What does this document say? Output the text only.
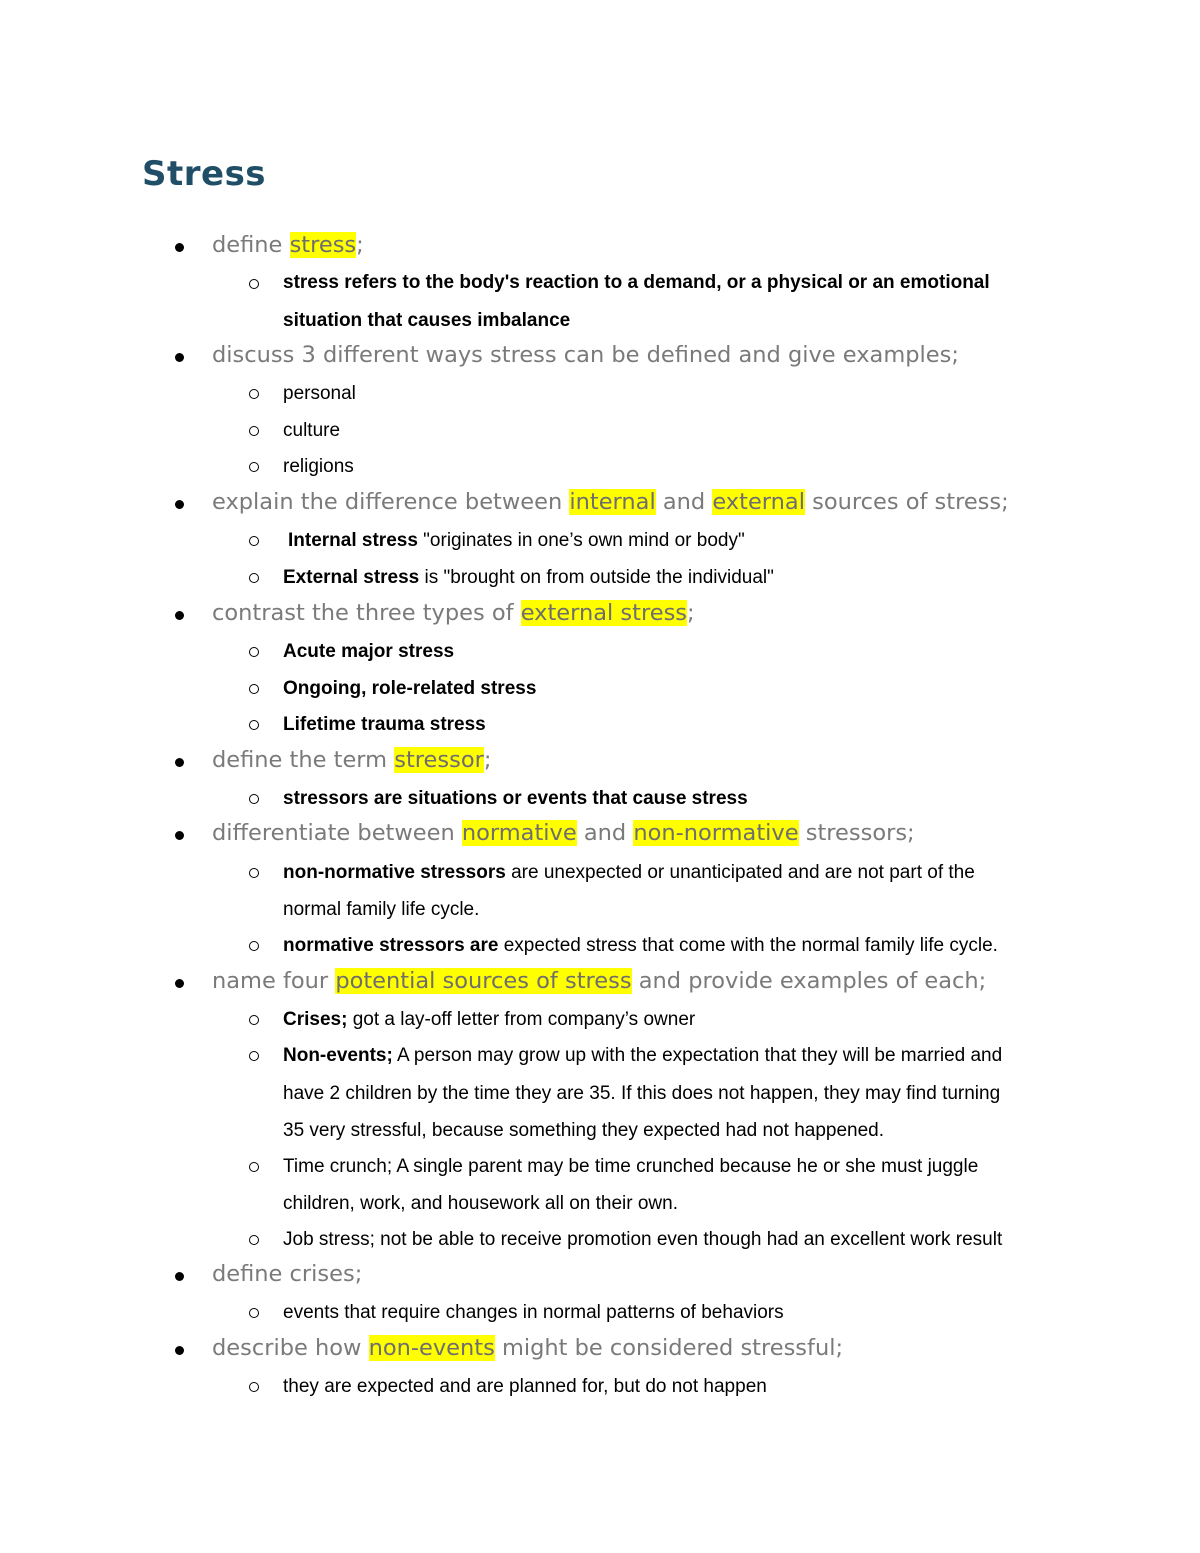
Stress
define stress;
stress refers to the body's reaction to a demand, or a physical or an emotional
situation that causes imbalance
discuss 3 different ways stress can be defined and give examples;
personal
culture
religions
explain the difference between internal and external sources of stress;
Internal stress "originates in one’s own mind or body"
External stress is "brought on from outside the individual"
contrast the three types of external stress;
Acute major stress
Ongoing, role-related stress
Lifetime trauma stress
define the term stressor;
stressors are situations or events that cause stress
differentiate between normative and non-normative stressors;
non-normative stressors are unexpected or unanticipated and are not part of the
normal family life cycle.
normative stressors are expected stress that come with the normal family life cycle.
name four potential sources of stress and provide examples of each;
Crises; got a lay-off letter from company’s owner
Non-events; A person may grow up with the expectation that they will be married and
have 2 children by the time they are 35. If this does not happen, they may find turning
35 very stressful, because something they expected had not happened.
Time crunch; A single parent may be time crunched because he or she must juggle
children, work, and housework all on their own.
Job stress; not be able to receive promotion even though had an excellent work result
define crises;
events that require changes in normal patterns of behaviors
describe how non-events might be considered stressful;
they are expected and are planned for, but do not happen
